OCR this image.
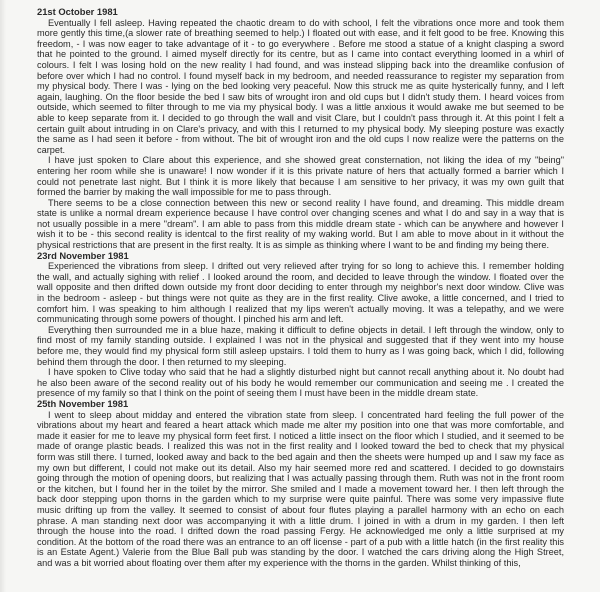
21st October 1981
Eventually I fell asleep. Having repeated the chaotic dream to do with school, I felt the vibrations once more and took them
more gently this time,(a slower rate of breathing seemed to help.) I floated out with ease, and it felt good to be free. Knowing this
freedom, - I was now eager to take advantage of it - to go everywhere . Before me stood a statue of a knight clasping a sword
that he pointed to the ground. I aimed myself directly for its centre, but as I came into contact everything loomed in a whirl of
colours. I felt I was losing hold on the new reality I had found, and was instead slipping back into the dreamlike confusion of
before over which I had no control. I found myself back in my bedroom, and needed reassurance to register my separation from
my physical body. There I was - lying on the bed looking very peaceful. Now this struck me as quite hysterically funny, and I left
again, laughing. On the floor beside the bed I saw bits of wrought iron and old cups but I didn't study them. I heard voices from
outside, which seemed to filter through to me via my physical body. I was a little anxious it would awake me but seemed to be
able to keep separate from it. I decided to go through the wall and visit Clare, but I couldn't pass through it. At this point I felt a
certain guilt about intruding in on Clare's privacy, and with this I returned to my physical body. My sleeping posture was exactly
the same as I had seen it before - from without. The bit of wrought iron and the old cups I now realize were the patterns on the
carpet.
I have just spoken to Clare about this experience, and she showed great consternation, not liking the idea of my "being"
entering her room while she is unaware! I now wonder if it is this private nature of hers that actually formed a barrier which I
could not penetrate last night. But I think it is more likely that because I am sensitive to her privacy, it was my own guilt that
formed the barrier by making the wall impossible for me to pass through.
There seems to be a close connection between this new or second reality I have found, and dreaming. This middle dream
state is unlike a normal dream experience because I have control over changing scenes and what I do and say in a way that is
not usually possible in a mere "dream". I am able to pass from this middle dream state - which can be anywhere and however I
wish it to be - this second reality is identcal to the first reality of my waking world. But I am able to move about in it without the
physical restrictions that are present in the first realty. It is as simple as thinking where I want to be and finding my being there.
23rd November 1981
Experienced the vibrations from sleep. I drifted out very relieved after trying for so long to achieve this. I remember holding
the wall, and actually sighing with relief . I looked around the room, and decided to leave through the window. I floated over the
wall opposite and then drifted down outside my front door deciding to enter through my neighbor's next door window. Clive was
in the bedroom - asleep - but things were not quite as they are in the first reality. Clive awoke, a little concerned, and I tried to
comfort him. I was speaking to him although I realized that my lips weren't actually moving. It was a telepathy, and we were
communicating through some powers of thought. I pinched his arm and left.
Everything then surrounded me in a blue haze, making it difficult to define objects in detail. I left through the window, only to
find most of my family standing outside. I explained I was not in the physical and suggested that if they went into my house
before me, they would find my physical form still asleep upstairs. I told them to hurry as I was going back, which I did, following
behind them through the door. I then returned to my sleeping.
I have spoken to Clive today who said that he had a slightly disturbed night but cannot recall anything about it. No doubt had
he also been aware of the second reality out of his body he would remember our communication and seeing me . I created the
presence of my family so that I think on the point of seeing them I must have been in the middle dream state.
25th November 1981
I went to sleep about midday and entered the vibration state from sleep. I concentrated hard feeling the full power of the
vibrations about my heart and feared a heart attack which made me alter my position into one that was more comfortable, and
made it easier for me to leave my physical form feet first. I noticed a little insect on the floor which I studied, and it seemed to be
made of orange plastic beads. I realized this was not in the first reality and I looked toward the bed to check that my physical
form was still there. I turned, looked away and back to the bed again and then the sheets were humped up and I saw my face as
my own but different, I could not make out its detail. Also my hair seemed more red and scattered. I decided to go downstairs
going through the motion of opening doors, but realizing that I was actually passing through them. Ruth was not in the front room
or the kitchen, but I found her in the toilet by the mirror. She smiled and I made a movement toward her. I then left through the
back door stepping upon thorns in the garden which to my surprise were quite painful. There was some very impassive flute
music drifting up from the valley. It seemed to consist of about four flutes playing a parallel harmony with an echo on each
phrase. A man standing next door was accompanying it with a little drum. I joined in with a drum in my garden. I then left
through the house into the road. I drifted down the road passing Fergy. He acknowledged me only a little surprised at my
condition. At the bottom of the road there was an entrance to an off license - part of a pub with a little hatch (in the first reality this
is an Estate Agent.) Valerie from the Blue Ball pub was standing by the door. I watched the cars driving along the High Street,
and was a bit worried about floating over them after my experience with the thorns in the garden. Whilst thinking of this,
